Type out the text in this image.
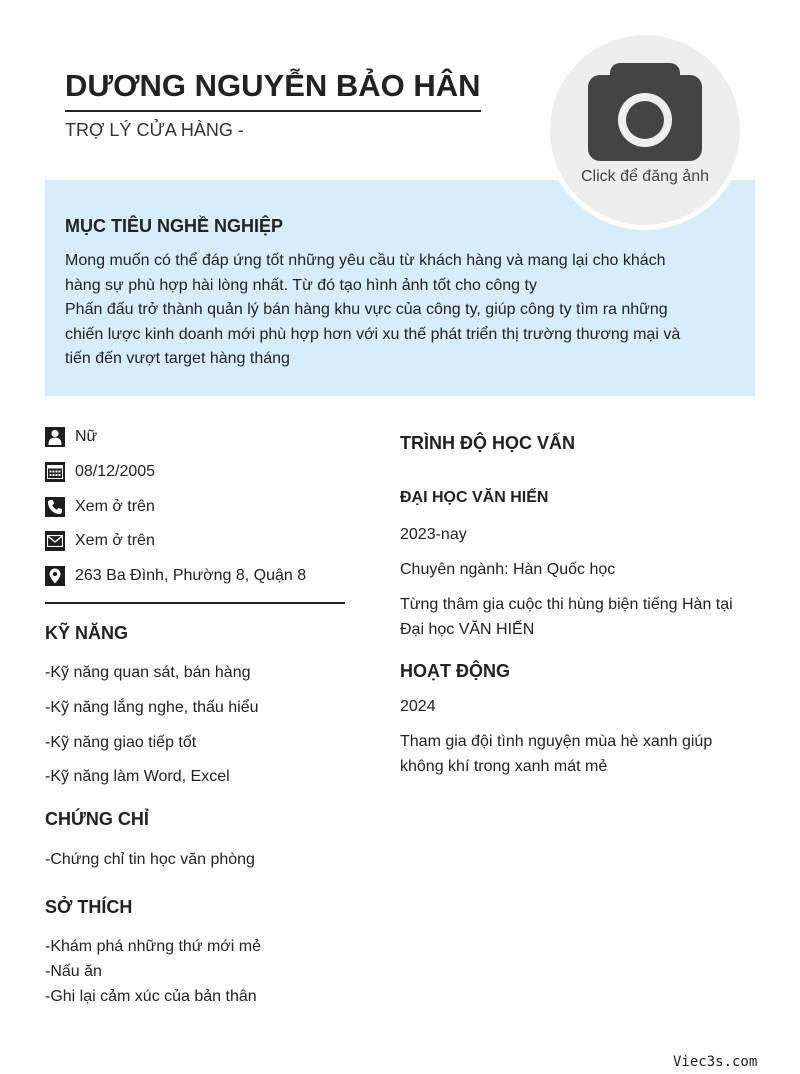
DƯƠNG NGUYỄN BẢO HÂN
TRỢ LÝ CỬA HÀNG -
MỤC TIÊU NGHỀ NGHIỆP
Mong muốn có thể đáp ứng tốt những yêu cầu từ khách hàng và mang lại cho khách
hàng sự phù hợp hài lòng nhất. Từ đó tạo hình ảnh tốt cho công ty
Phấn đấu trở thành quản lý bán hàng khu vực của công ty, giúp công ty tìm ra những
chiến lược kinh doanh mới phù hợp hơn với xu thế phát triển thị trường thương mại và
tiến đến vượt target hàng tháng
Click để đăng ảnh
Nữ
08/12/2005
Xem ở trên
Xem ở trên
263 Ba Đình, Phường 8, Quận 8
KỸ NĂNG
-Kỹ năng quan sát, bán hàng
-Kỹ năng lắng nghe, thấu hiểu
-Kỹ năng giao tiếp tốt
-Kỹ năng làm Word, Excel
CHỨNG CHỈ
-Chứng chỉ tin học văn phòng
SỞ THÍCH
-Khám phá những thứ mới mẻ
-Nấu ăn
-Ghi lại cảm xúc của bản thân
TRÌNH ĐỘ HỌC VẤN
ĐẠI HỌC VĂN HIẾN
2023-nay
Chuyên ngành: Hàn Quốc học
Từng thâm gia cuộc thi hùng biện tiếng Hàn tại Đại học VĂN HIẾN
HOẠT ĐỘNG
2024
Tham gia đội tình nguyện mùa hè xanh giúp không khí trong xanh mát mẻ
Viec3s.com
